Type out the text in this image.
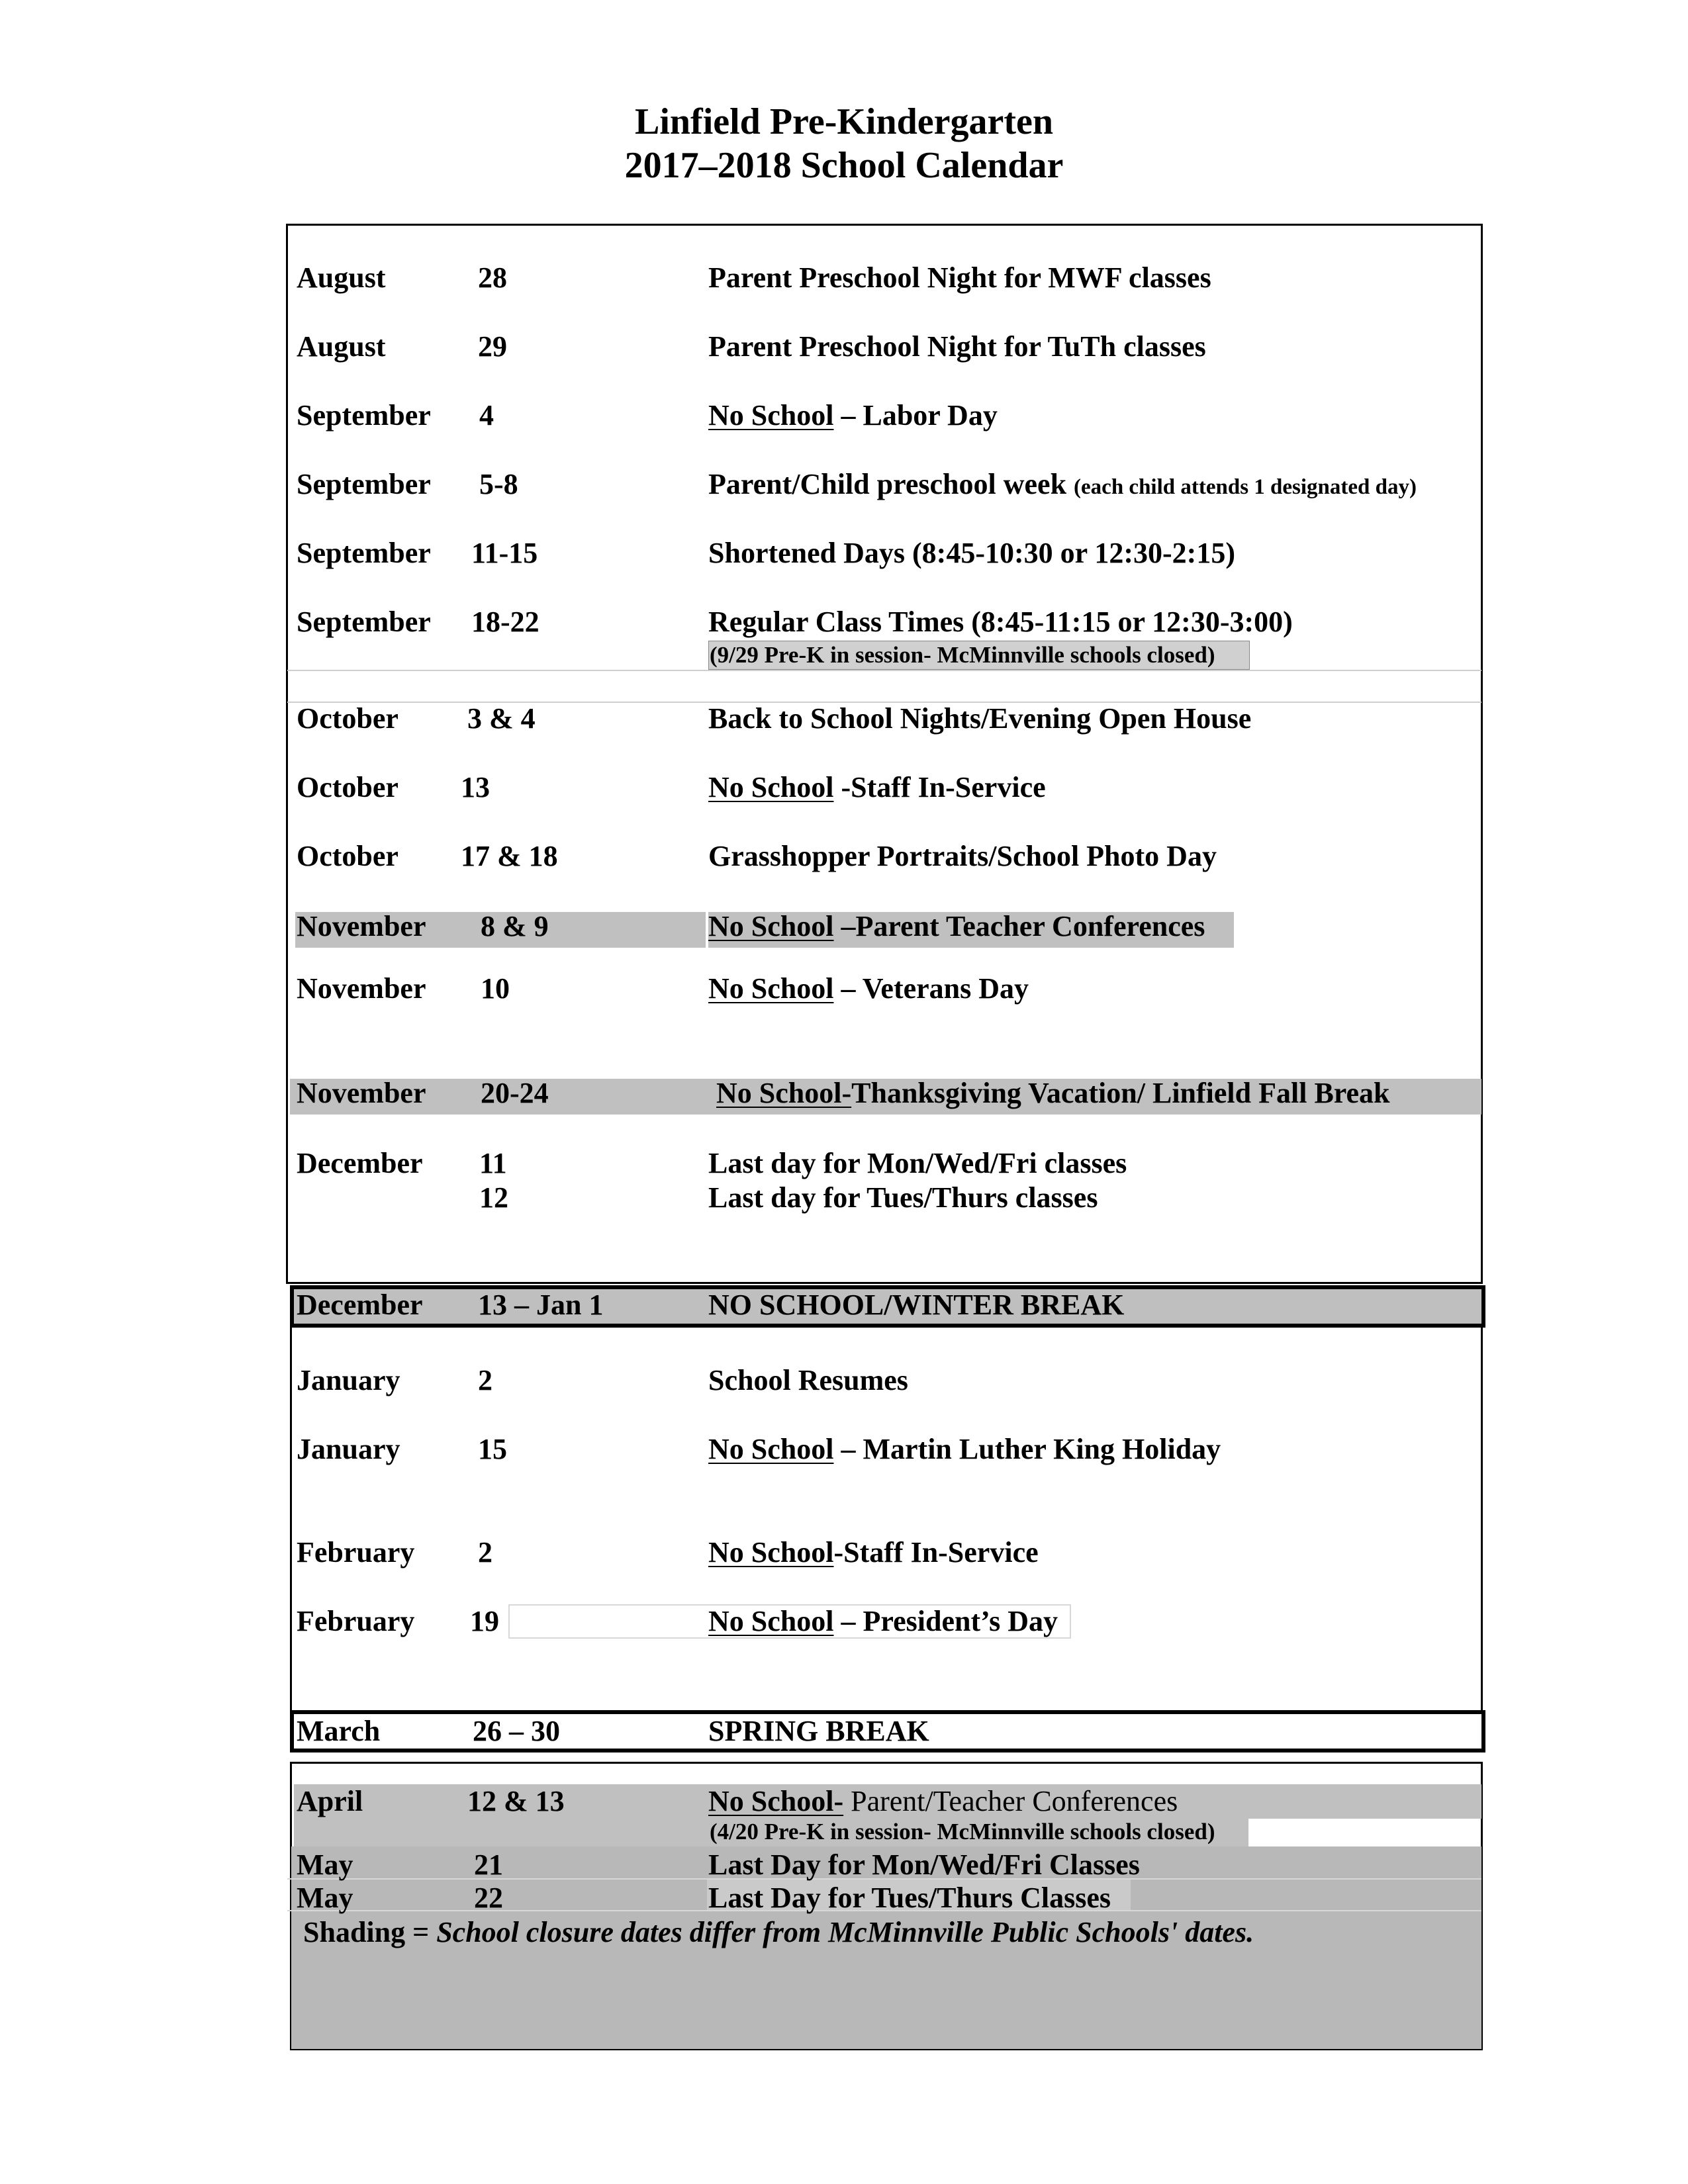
Linfield Pre-Kindergarten
2017–2018 School Calendar
August	28	Parent Preschool Night for MWF classes
August	29	Parent Preschool Night for TuTh classes
September 4	No School – Labor Day
September 5-8	Parent/Child preschool week (each child attends 1 designated day)
September 11-15	Shortened Days (8:45-10:30 or 12:30-2:15)
September 18-22	Regular Class Times (8:45-11:15 or 12:30-3:00)
(9/29 Pre-K in session- McMinnville schools closed)
October 3 & 4	Back to School Nights/Evening Open House
October 13	No School -Staff In-Service
October 17 & 18	Grasshopper Portraits/School Photo Day
November 8 & 9	No School –Parent Teacher Conferences
November 10	No School – Veterans Day
November 20-24	No School-Thanksgiving Vacation/ Linfield Fall Break
December 11	Last day for Mon/Wed/Fri classes
12	Last day for Tues/Thurs classes
December 13 – Jan 1	NO SCHOOL/WINTER BREAK
January	2	School Resumes
January	15	No School – Martin Luther King Holiday
February 2	No School-Staff In-Service
February 19	No School – President’s Day
March	26 – 30	SPRING BREAK
April	12 & 13	No School- Parent/Teacher Conferences
(4/20 Pre-K in session- McMinnville schools closed)
May	21	Last Day for Mon/Wed/Fri Classes
May	22	Last Day for Tues/Thurs Classes
Shading = School closure dates differ from McMinnville Public Schools' dates.
